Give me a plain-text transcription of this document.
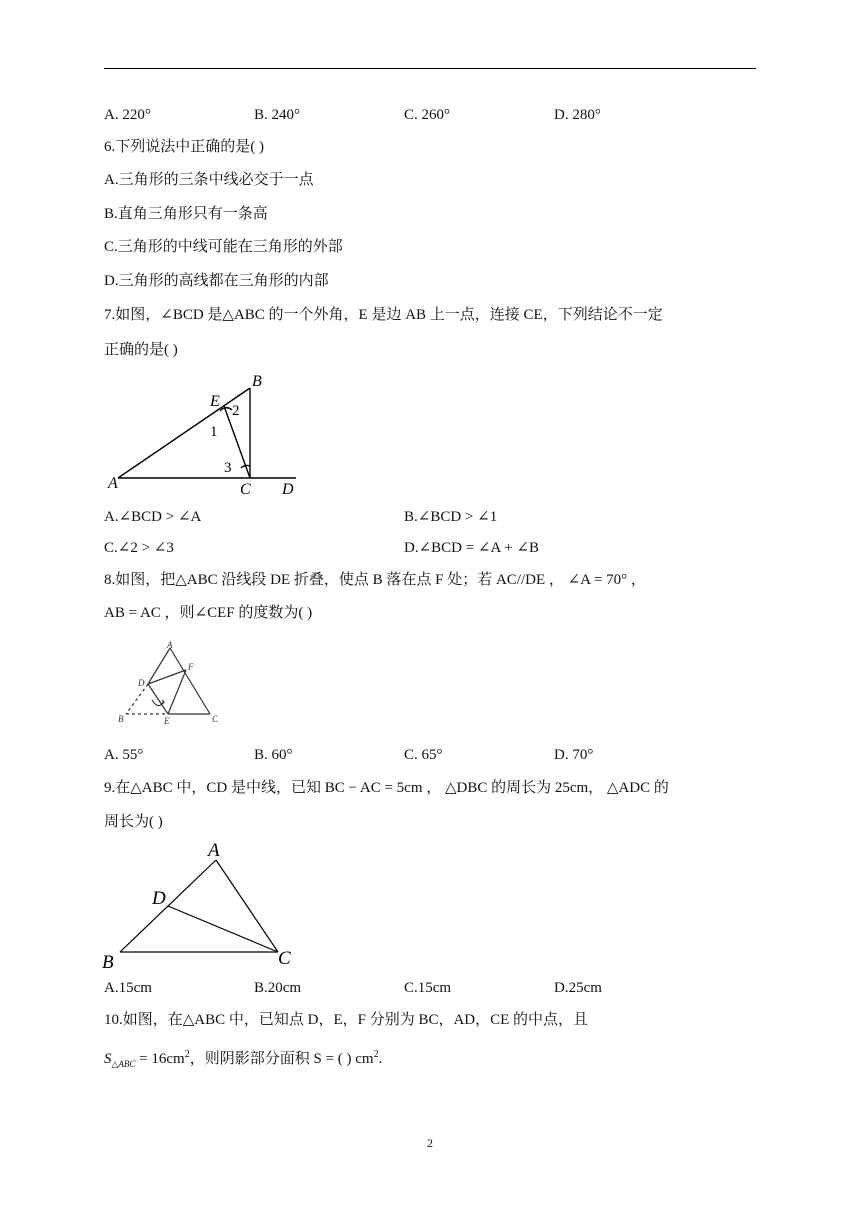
A. 220°	B. 240°	C. 260°	D. 280°
6.下列说法中正确的是( )
A.三角形的三条中线必交于一点
B.直角三角形只有一条高
C.三角形的中线可能在三角形的外部
D.三角形的高线都在三角形的内部
7.如图，∠BCD 是△ABC 的一个外角，E 是边 AB 上一点，连接 CE，下列结论不一定
正确的是( )
B
E
2
1
3
A	C D
A.∠BCD > ∠A	B.∠BCD > ∠1
C.∠2 > ∠3	D.∠BCD = ∠A + ∠B
8.如图，把△ABC 沿线段 DE 折叠，使点 B 落在点 F 处；若 AC//DE ， ∠A = 70° ，
AB = AC ，则∠CEF 的度数为( )
A
F
D
B	E	C
A. 55°	B. 60°	C. 65°	D. 70°
9.在△ABC 中，CD 是中线，已知 BC − AC = 5cm ， △DBC 的周长为 25cm， △ADC 的
周长为( )
A
D
B	C
A.15cm	B.20cm	C.15cm	D.25cm
10.如图，在△ABC 中，已知点 D，E，F 分别为 BC，AD，CE 的中点，且
$S_{\triangle ABC} = 16cm^2$，则阴影部分面积 S = ( ) $cm^2$.
2
